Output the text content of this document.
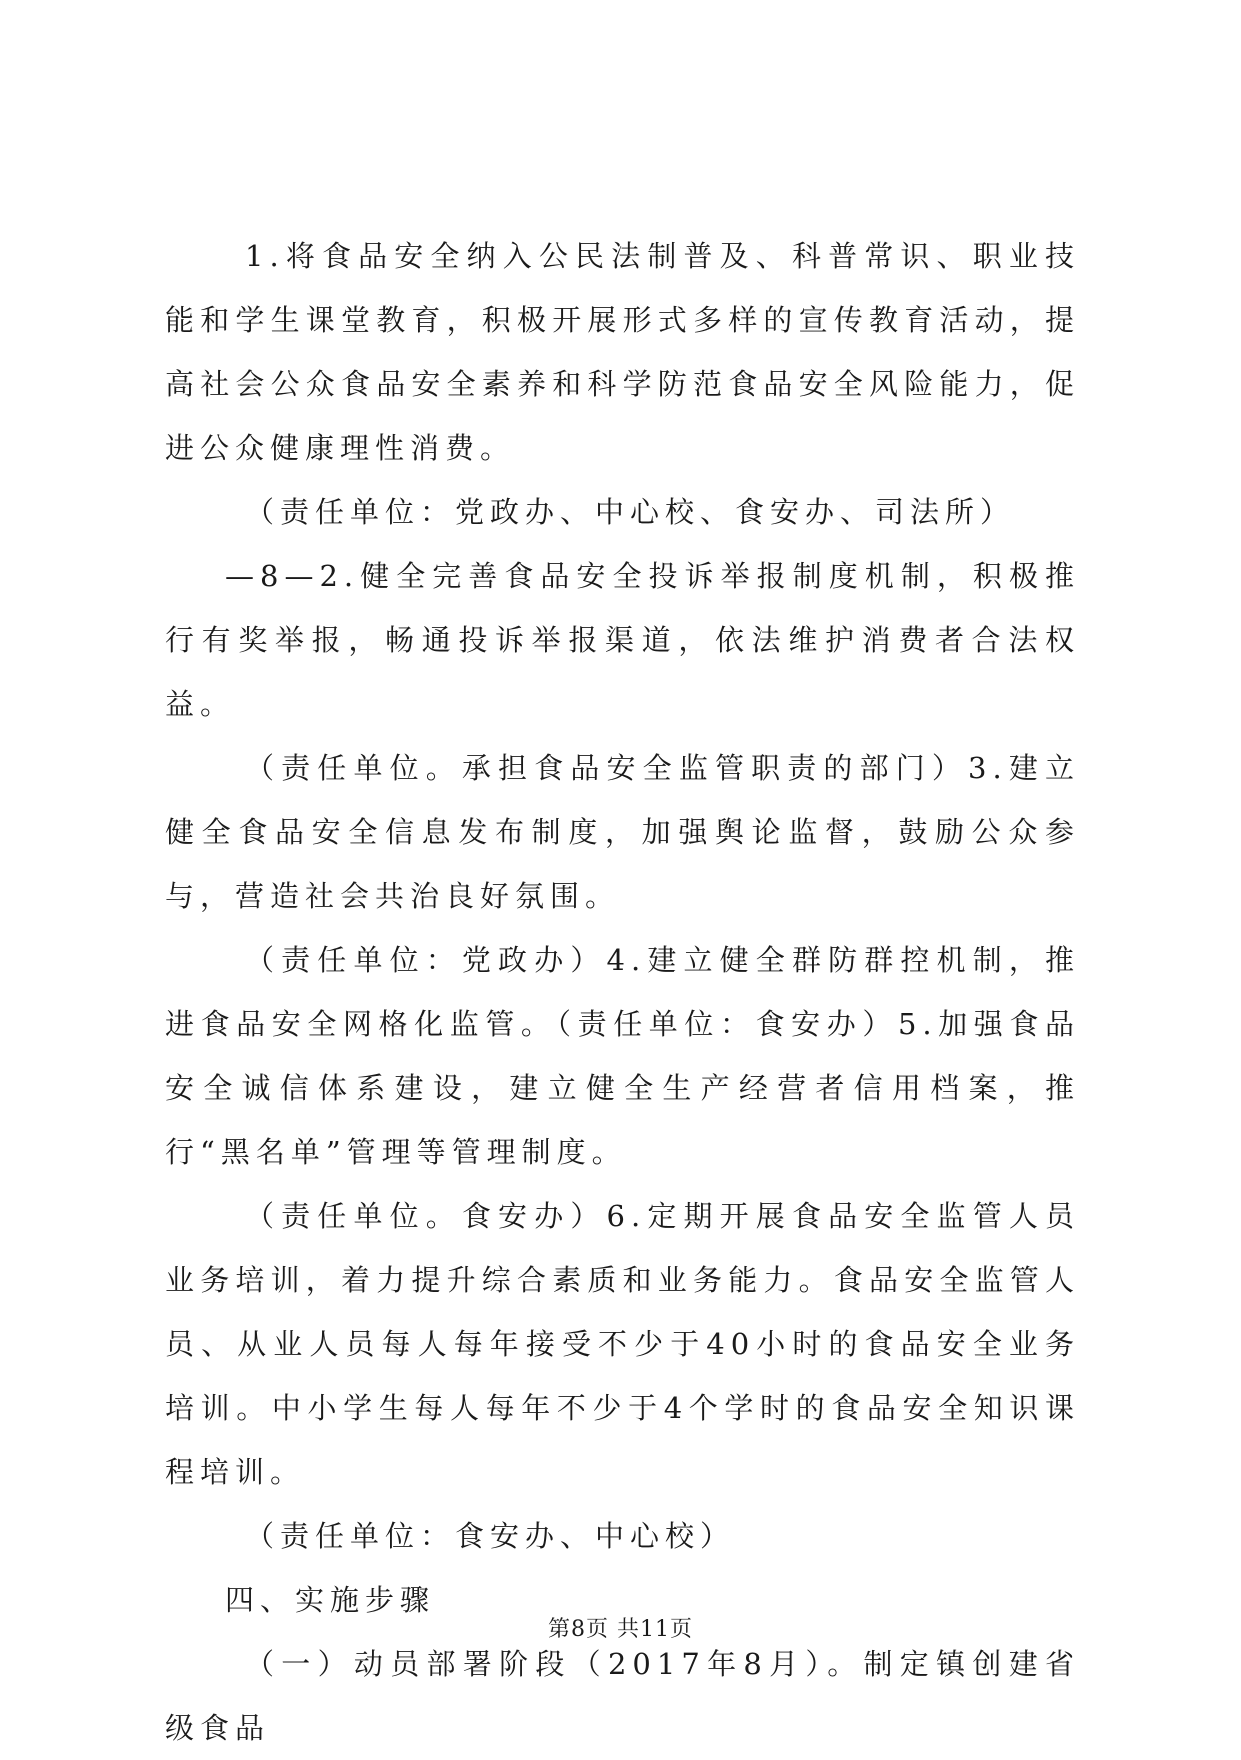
1.将食品安全纳入公民法制普及、科普常识、职业技能和学生课堂教育，积极开展形式多样的宣传教育活动，提高社会公众食品安全素养和科学防范食品安全风险能力，促进公众健康理性消费。

（责任单位：党政办、中心校、食安办、司法所）

—8—2.健全完善食品安全投诉举报制度机制，积极推行有奖举报，畅通投诉举报渠道，依法维护消费者合法权益。

（责任单位。承担食品安全监管职责的部门）3.建立健全食品安全信息发布制度，加强舆论监督，鼓励公众参与，营造社会共治良好氛围。

（责任单位：党政办）4.建立健全群防群控机制，推进食品安全网格化监管。（责任单位：食安办）5.加强食品安全诚信体系建设，建立健全生产经营者信用档案，推行“黑名单”管理等管理制度。

（责任单位。食安办）6.定期开展食品安全监管人员业务培训，着力提升综合素质和业务能力。食品安全监管人员、从业人员每人每年接受不少于40小时的食品安全业务培训。中小学生每人每年不少于4个学时的食品安全知识课程培训。

（责任单位：食安办、中心校）

四、实施步骤

（一）动员部署阶段（2017年8月）。制定镇创建省级食品

第8页 共11页
